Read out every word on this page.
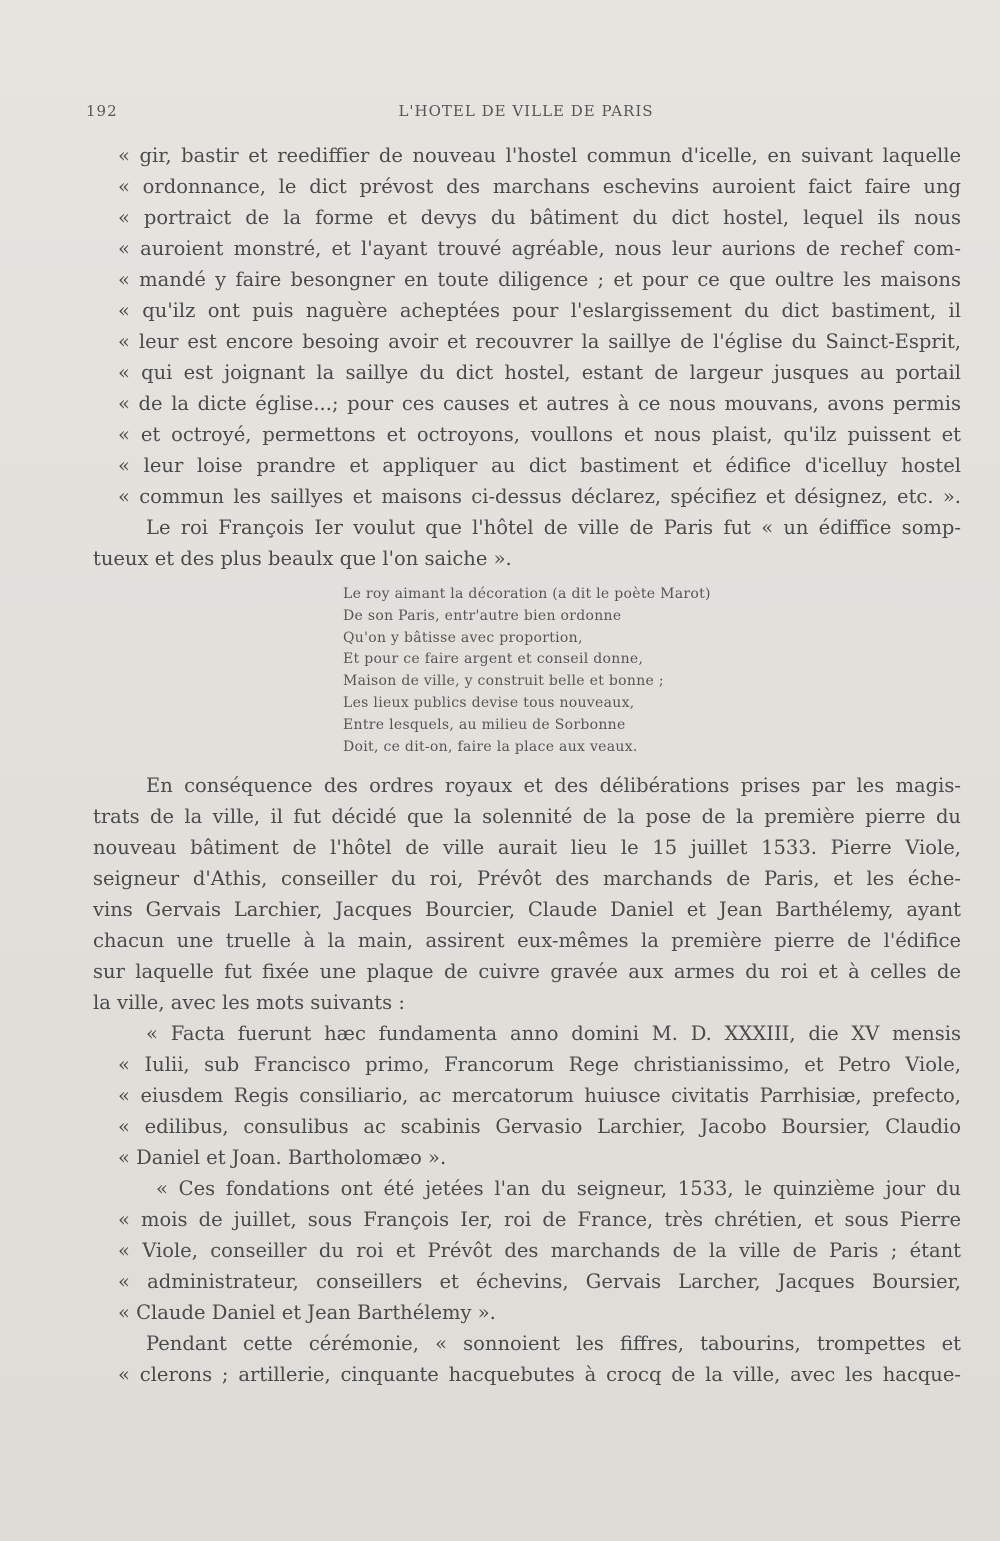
192	L'HOTEL DE VILLE DE PARIS
« gir, bastir et reediffier de nouveau l'hostel commun d'icelle, en suivant laquelle
« ordonnance, le dict prévost des marchans eschevins auroient faict faire ung
« portraict de la forme et devys du bâtiment du dict hostel, lequel ils nous
« auroient monstré, et l'ayant trouvé agréable, nous leur aurions de rechef com-
« mandé y faire besongner en toute diligence ; et pour ce que oultre les maisons
« qu'ilz ont puis naguère acheptées pour l'eslargissement du dict bastiment, il
« leur est encore besoing avoir et recouvrer la saillye de l'église du Sainct-Esprit,
« qui est joignant la saillye du dict hostel, estant de largeur jusques au portail
« de la dicte église...; pour ces causes et autres à ce nous mouvans, avons permis
« et octroyé, permettons et octroyons, voullons et nous plaist, qu'ilz puissent et
« leur loise prandre et appliquer au dict bastiment et édifice d'icelluy hostel
« commun les saillyes et maisons ci-dessus déclarez, spécifiez et désignez, etc. ».
Le roi François Ier voulut que l'hôtel de ville de Paris fut « un édiffice somp-
tueux et des plus beaulx que l'on saiche ».
Le roy aimant la décoration (a dit le poète Marot)
De son Paris, entr'autre bien ordonne
Qu'on y bâtisse avec proportion,
Et pour ce faire argent et conseil donne,
Maison de ville, y construit belle et bonne ;
Les lieux publics devise tous nouveaux,
Entre lesquels, au milieu de Sorbonne
Doit, ce dit-on, faire la place aux veaux.
En conséquence des ordres royaux et des délibérations prises par les magis-
trats de la ville, il fut décidé que la solennité de la pose de la première pierre du
nouveau bâtiment de l'hôtel de ville aurait lieu le 15 juillet 1533. Pierre Viole,
seigneur d'Athis, conseiller du roi, Prévôt des marchands de Paris, et les éche-
vins Gervais Larchier, Jacques Bourcier, Claude Daniel et Jean Barthélemy, ayant
chacun une truelle à la main, assirent eux-mêmes la première pierre de l'édifice
sur laquelle fut fixée une plaque de cuivre gravée aux armes du roi et à celles de
la ville, avec les mots suivants :
« Facta fuerunt hæc fundamenta anno domini M. D. XXXIII, die XV mensis
« Iulii, sub Francisco primo, Francorum Rege christianissimo, et Petro Viole,
« eiusdem Regis consiliario, ac mercatorum huiusce civitatis Parrhisiæ, prefecto,
« edilibus, consulibus ac scabinis Gervasio Larchier, Jacobo Boursier, Claudio
« Daniel et Joan. Bartholomæo ».
« Ces fondations ont été jetées l'an du seigneur, 1533, le quinzième jour du
« mois de juillet, sous François Ier, roi de France, très chrétien, et sous Pierre
« Viole, conseiller du roi et Prévôt des marchands de la ville de Paris ; étant
« administrateur, conseillers et échevins, Gervais Larcher, Jacques Boursier,
« Claude Daniel et Jean Barthélemy ».
Pendant cette cérémonie, « sonnoient les fiffres, tabourins, trompettes et
« clerons ; artillerie, cinquante hacquebutes à crocq de la ville, avec les hacque-
